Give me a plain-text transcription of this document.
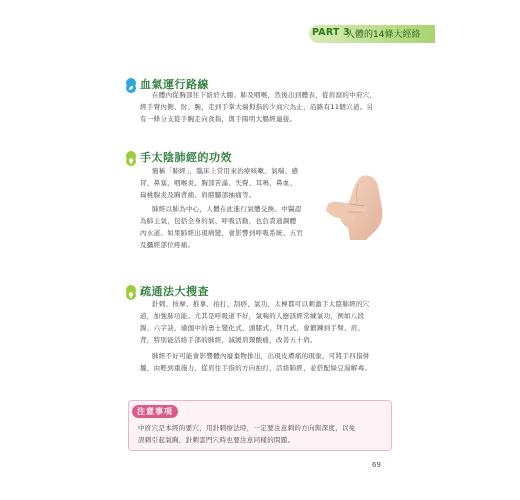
PART 3
人體的14條大經絡
血氣運行路線
在體內從胸部往下絡於大腸、肺及咽喉，然後出到體表，從肩窩的中府穴，
經手臂內側、肘、腕，走到手掌大端拇指的少商穴為止，沿路有11個穴道。另
有一條分支從手腕走向食指，與手陽明大腸經連接。
手太陰肺經的功效
簡稱「肺經」，臨床上常用來治療咳嗽、氣喘、感
冒、鼻塞、咽喉炎、胸部苦滿、失聲、耳鳴、鼻血、
扁桃腺炎及胸背痛、肩膀腳部抽痛等。
肺經以肺為中心，人體在此進行氣體交換。中醫認
為肺主氣，包括全身的氣、呼吸活動，也負責通調體
內水道。如果肺經出現病變，會影響到呼吸系統、五官
及攝經部位疼痛。
疏通法大搜查
針刺、按摩、推拿、拍打、刮痧、氣功，太極都可以刺激手太陰肺經的穴
道，加強肺功能。尤其是呼吸道不好，氣喘的人應該經常練氣功，例如八段
錦、六字訣，瑜伽中的勇士變化式、頭膝式、拜月式，會鍛鍊到手臂、肩、
背，特別能活絡手部的肺經，減緩肩頸酸痛，改善五十肩。
肺經不好可能會影響體內廢棄物排出，出現皮膚痛的現象，可將手四指併
攏，由輕到重施力，從肩往手指的方向拍打，活絡肺經，並搭配綠豆湯解毒。
注意事項
中府穴是本經的要穴，用針刺療法時，一定要注意刺的方向與深度，以免
誤刺引起氣胸，針刺雲門穴時也要注意同樣的問題。
69
